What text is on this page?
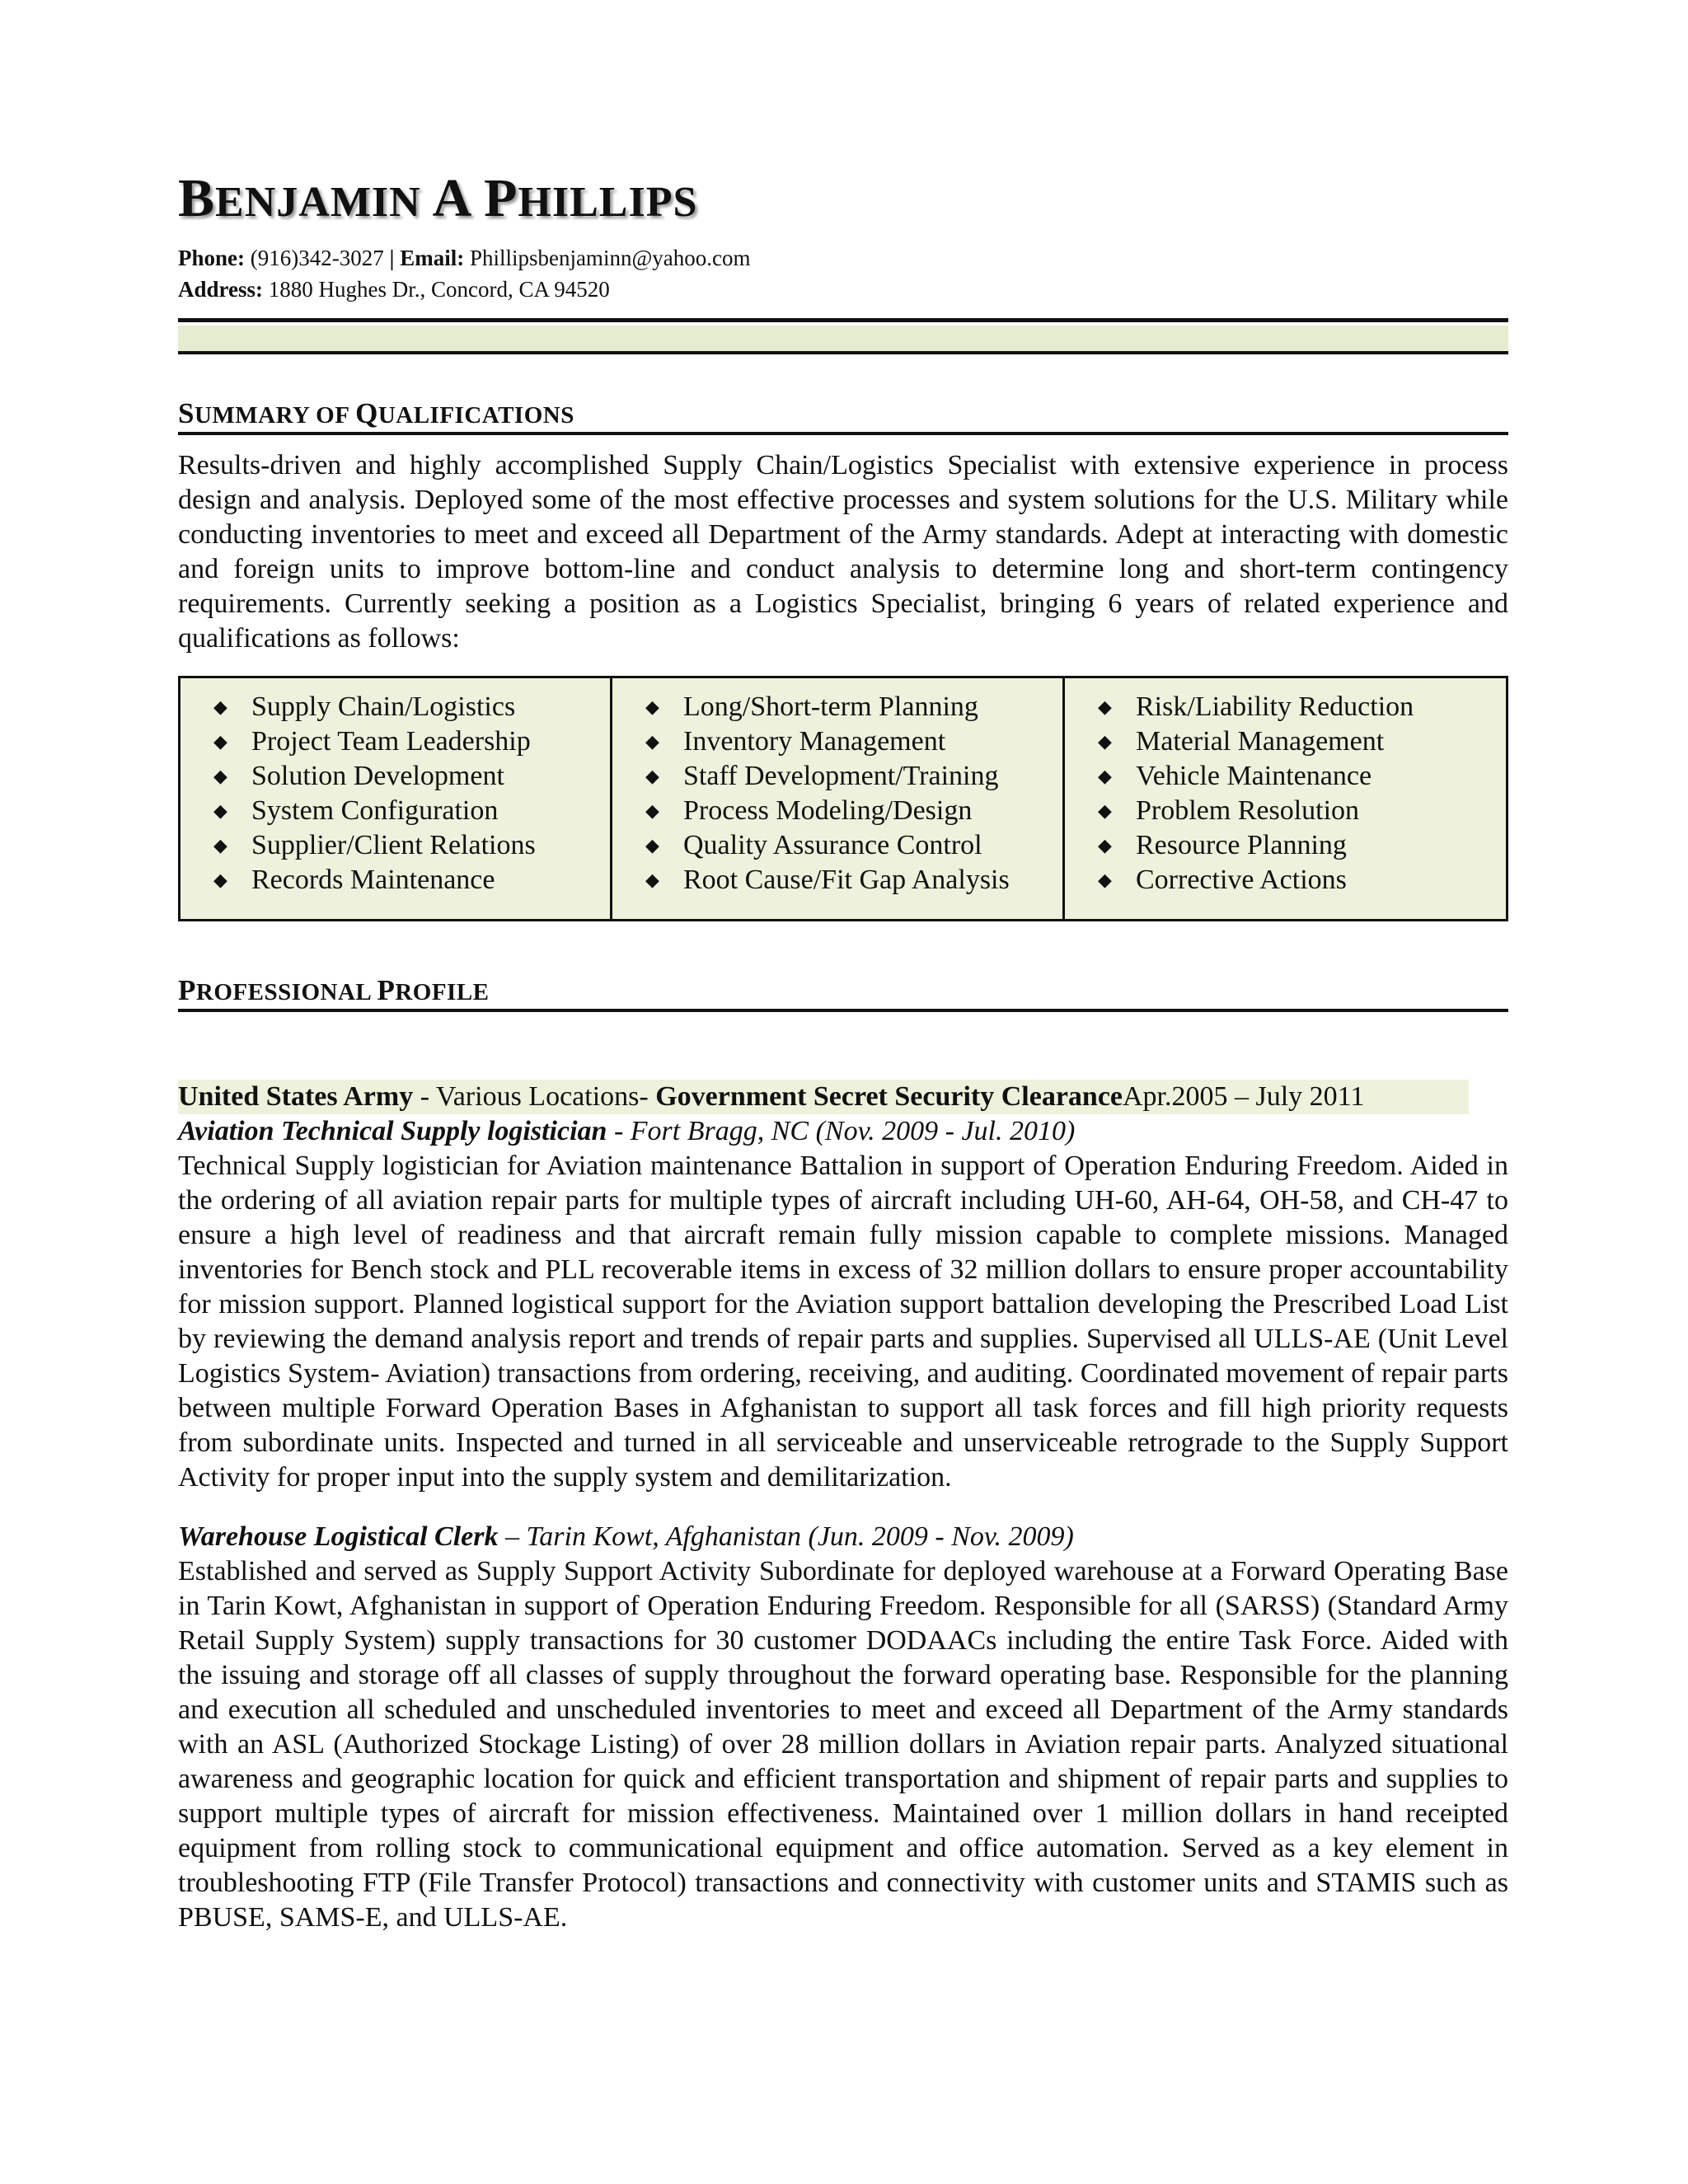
BENJAMIN A PHILLIPS
Phone: (916)342-3027 | Email: Phillipsbenjaminn@yahoo.com
Address: 1880 Hughes Dr., Concord, CA 94520
SUMMARY OF QUALIFICATIONS
Results-driven and highly accomplished Supply Chain/Logistics Specialist with extensive experience in process design and analysis. Deployed some of the most effective processes and system solutions for the U.S. Military while conducting inventories to meet and exceed all Department of the Army standards. Adept at interacting with domestic and foreign units to improve bottom-line and conduct analysis to determine long and short-term contingency requirements. Currently seeking a position as a Logistics Specialist, bringing 6 years of related experience and qualifications as follows:
◆ Supply Chain/Logistics
◆ Project Team Leadership
◆ Solution Development
◆ System Configuration
◆ Supplier/Client Relations
◆ Records Maintenance
◆ Long/Short-term Planning
◆ Inventory Management
◆ Staff Development/Training
◆ Process Modeling/Design
◆ Quality Assurance Control
◆ Root Cause/Fit Gap Analysis
◆ Risk/Liability Reduction
◆ Material Management
◆ Vehicle Maintenance
◆ Problem Resolution
◆ Resource Planning
◆ Corrective Actions
PROFESSIONAL PROFILE
United States Army - Various Locations- Government Secret Security ClearanceApr.2005 – July 2011
Aviation Technical Supply logistician - Fort Bragg, NC (Nov. 2009 - Jul. 2010)
Technical Supply logistician for Aviation maintenance Battalion in support of Operation Enduring Freedom. Aided in the ordering of all aviation repair parts for multiple types of aircraft including UH-60, AH-64, OH-58, and CH-47 to ensure a high level of readiness and that aircraft remain fully mission capable to complete missions. Managed inventories for Bench stock and PLL recoverable items in excess of 32 million dollars to ensure proper accountability for mission support. Planned logistical support for the Aviation support battalion developing the Prescribed Load List by reviewing the demand analysis report and trends of repair parts and supplies. Supervised all ULLS-AE (Unit Level Logistics System- Aviation) transactions from ordering, receiving, and auditing. Coordinated movement of repair parts between multiple Forward Operation Bases in Afghanistan to support all task forces and fill high priority requests from subordinate units. Inspected and turned in all serviceable and unserviceable retrograde to the Supply Support Activity for proper input into the supply system and demilitarization.
Warehouse Logistical Clerk – Tarin Kowt, Afghanistan (Jun. 2009 - Nov. 2009)
Established and served as Supply Support Activity Subordinate for deployed warehouse at a Forward Operating Base in Tarin Kowt, Afghanistan in support of Operation Enduring Freedom. Responsible for all (SARSS) (Standard Army Retail Supply System) supply transactions for 30 customer DODAACs including the entire Task Force. Aided with the issuing and storage off all classes of supply throughout the forward operating base. Responsible for the planning and execution all scheduled and unscheduled inventories to meet and exceed all Department of the Army standards with an ASL (Authorized Stockage Listing) of over 28 million dollars in Aviation repair parts. Analyzed situational awareness and geographic location for quick and efficient transportation and shipment of repair parts and supplies to support multiple types of aircraft for mission effectiveness. Maintained over 1 million dollars in hand receipted equipment from rolling stock to communicational equipment and office automation. Served as a key element in troubleshooting FTP (File Transfer Protocol) transactions and connectivity with customer units and STAMIS such as PBUSE, SAMS-E, and ULLS-AE.
